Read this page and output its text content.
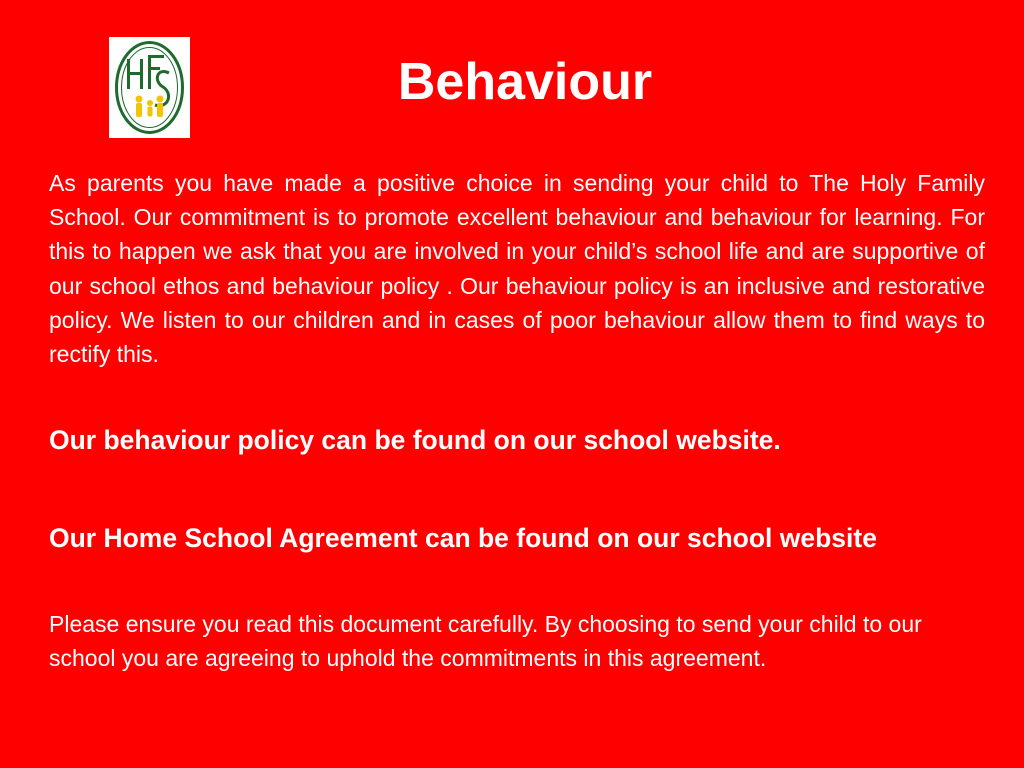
Behaviour

As parents you have made a positive choice in sending your child to The Holy Family School. Our commitment is to promote excellent behaviour and behaviour for learning. For this to happen we ask that you are involved in your child’s school life and are supportive of our school ethos and behaviour policy . Our behaviour policy is an inclusive and restorative policy. We listen to our children and in cases of poor behaviour allow them to find ways to rectify this.

Our behaviour policy can be found on our school website.

Our Home School Agreement can be found on our school website

Please ensure you read this document carefully. By choosing to send your child to our school you are agreeing to uphold the commitments in this agreement.
